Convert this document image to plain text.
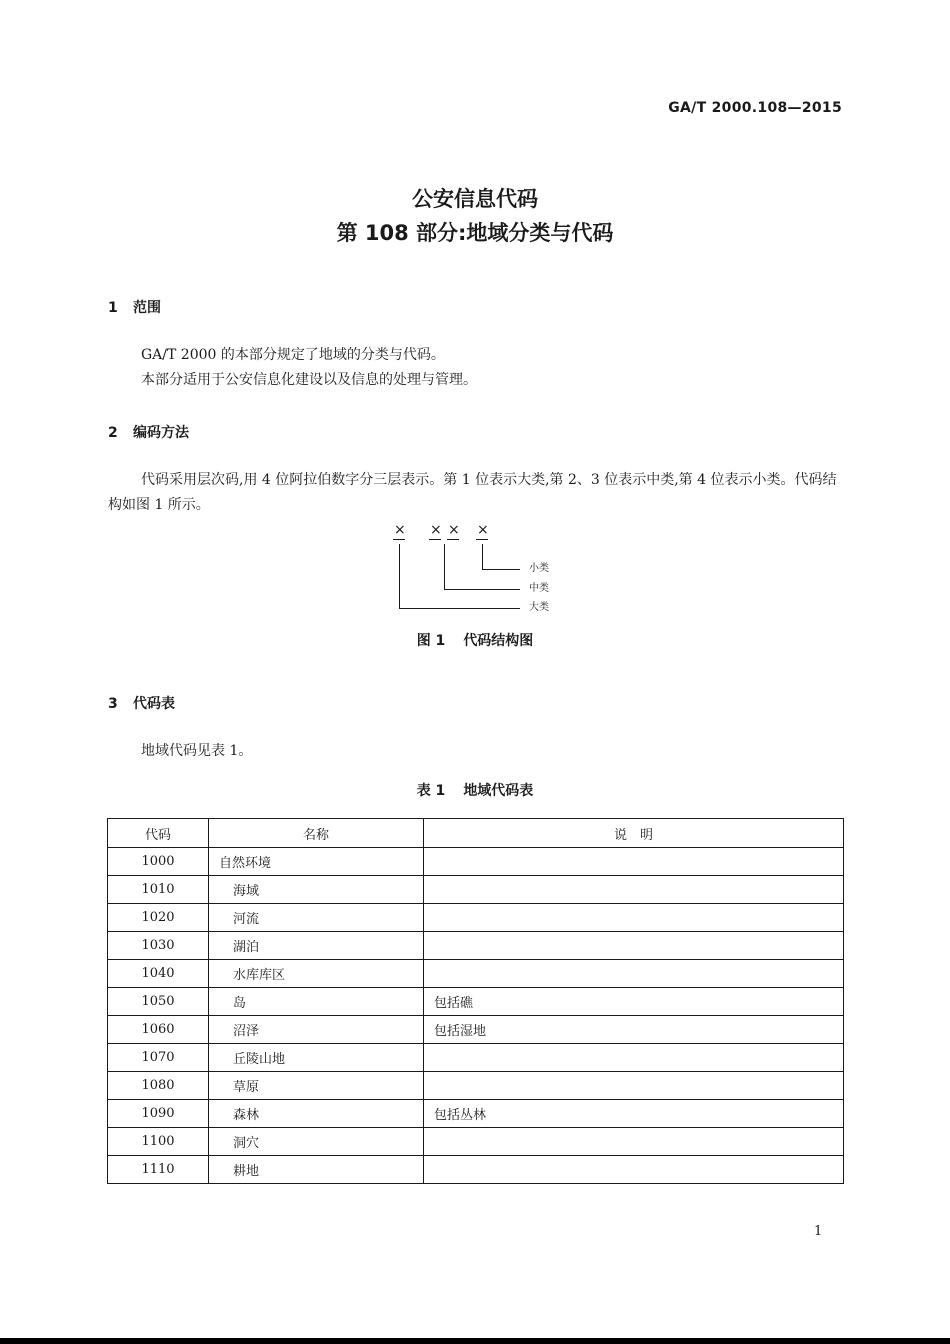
GA/T 2000.108—2015
公安信息代码
第 108 部分:地域分类与代码
1 范围
GA/T 2000 的本部分规定了地域的分类与代码。
本部分适用于公安信息化建设以及信息的处理与管理。
2 编码方法
代码采用层次码,用 4 位阿拉伯数字分三层表示。第 1 位表示大类,第 2、3 位表示中类,第 4 位表示小类。代码结构如图 1 所示。
× × × ×
小类
中类
大类
图 1 代码结构图
3 代码表
地域代码见表 1。
表 1 地域代码表
代码	名称	说　明
1000	自然环境	
1010	海域	
1020	河流	
1030	湖泊	
1040	水库库区	
1050	岛	包括礁
1060	沼泽	包括湿地
1070	丘陵山地	
1080	草原	
1090	森林	包括丛林
1100	洞穴	
1110	耕地	
1
